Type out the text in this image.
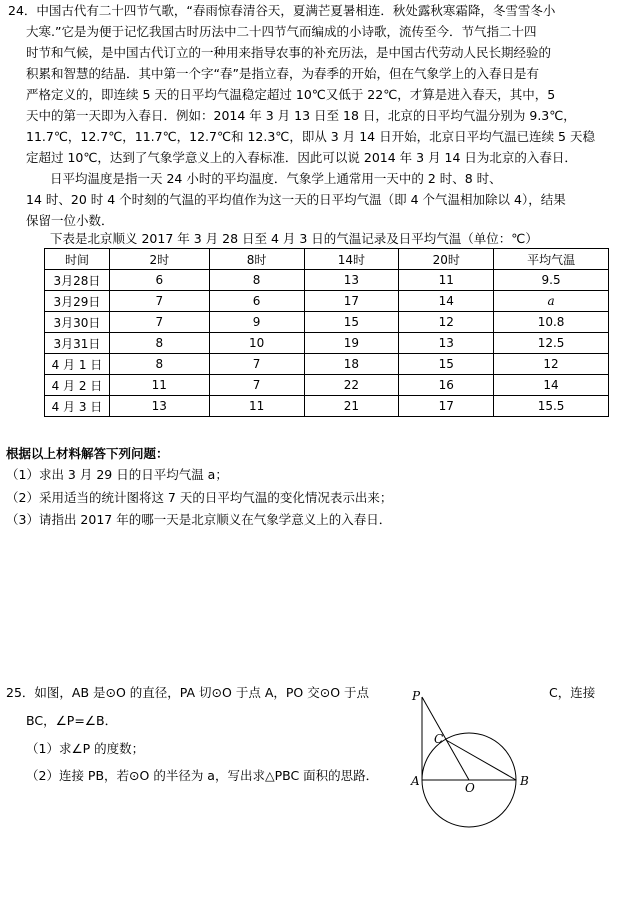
24．中国古代有二十四节气歌，“春雨惊春清谷天，夏满芒夏暑相连．秋处露秋寒霜降，冬雪雪冬小
大寒.”它是为便于记忆我国古时历法中二十四节气而编成的小诗歌，流传至今．节气指二十四
时节和气候，是中国古代订立的一种用来指导农事的补充历法，是中国古代劳动人民长期经验的
积累和智慧的结晶．其中第一个字“春”是指立春，为春季的开始，但在气象学上的入春日是有
严格定义的，即连续 5 天的日平均气温稳定超过 10℃又低于 22℃，才算是进入春天，其中，5
天中的第一天即为入春日．例如：2014 年 3 月 13 日至 18 日，北京的日平均气温分别为 9.3℃，
11.7℃，12.7℃，11.7℃，12.7℃和 12.3℃，即从 3 月 14 日开始，北京日平均气温已连续 5 天稳
定超过 10℃，达到了气象学意义上的入春标准．因此可以说 2014 年 3 月 14 日为北京的入春日．
日平均温度是指一天 24 小时的平均温度．气象学上通常用一天中的 2 时、8 时、
14 时、20 时 4 个时刻的气温的平均值作为这一天的日平均气温（即 4 个气温相加除以 4），结果
保留一位小数．
下表是北京顺义 2017 年 3 月 28 日至 4 月 3 日的气温记录及日平均气温（单位：℃）
时间	2时	8时	14时	20时	平均气温
3月28日	6	8	13	11	9.5
3月29日	7	6	17	14	a
3月30日	7	9	15	12	10.8
3月31日	8	10	19	13	12.5
4 月 1 日	8	7	18	15	12
4 月 2 日	11	7	22	16	14
4 月 3 日	13	11	21	17	15.5
根据以上材料解答下列问题：
（1）求出 3 月 29 日的日平均气温 a；
（2）采用适当的统计图将这 7 天的日平均气温的变化情况表示出来；
（3）请指出 2017 年的哪一天是北京顺义在气象学意义上的入春日．
25．如图，AB 是⊙O 的直径，PA 切⊙O 于点 A，PO 交⊙O 于点	C，连接
BC，∠P=∠B．
（1）求∠P 的度数；
（2）连接 PB，若⊙O 的半径为 a，写出求△PBC 面积的思路．
P
C
A	O	B
